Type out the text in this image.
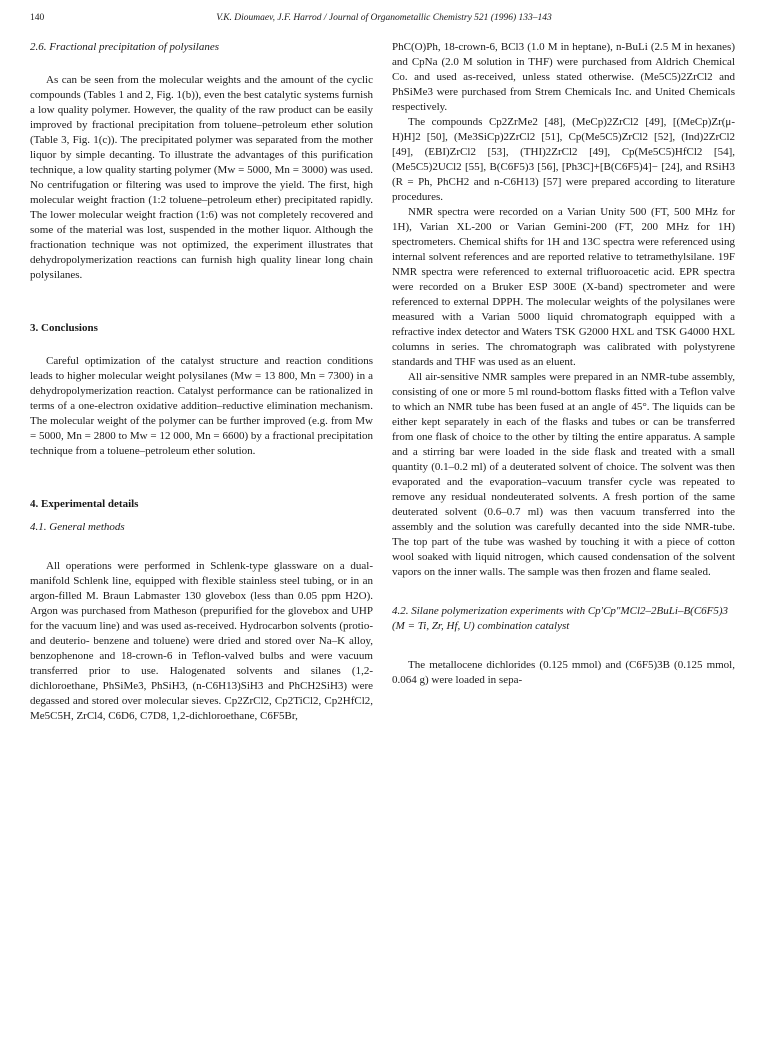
140	V.K. Dioumaev, J.F. Harrod / Journal of Organometallic Chemistry 521 (1996) 133–143
2.6. Fractional precipitation of polysilanes

As can be seen from the molecular weights and the amount of the cyclic compounds (Tables 1 and 2, Fig. 1(b)), even the best catalytic systems furnish a low quality polymer. However, the quality of the raw product can be easily improved by fractional precipitation from toluene–petroleum ether solution (Table 3, Fig. 1(c)). The precipitated polymer was separated from the mother liquor by simple decanting. To illustrate the advantages of this purification technique, a low quality starting polymer (Mw = 5000, Mn = 3000) was used. No centrifugation or filtering was used to improve the yield. The first, high molecular weight fraction (1:2 toluene–petroleum ether) precipitated rapidly. The lower molecular weight fraction (1:6) was not completely recovered and some of the material was lost, suspended in the mother liquor. Although the fractionation technique was not optimized, the experiment illustrates that dehydropolymerization reactions can furnish high quality linear long chain polysilanes.

3. Conclusions

Careful optimization of the catalyst structure and reaction conditions leads to higher molecular weight polysilanes (Mw = 13 800, Mn = 7300) in a dehydropolymerization reaction. Catalyst performance can be rationalized in terms of a one-electron oxidative addition–reductive elimination mechanism. The molecular weight of the polymer can be further improved (e.g. from Mw = 5000, Mn = 2800 to Mw = 12 000, Mn = 6600) by a fractional precipitation technique from a toluene–petroleum ether solution.

4. Experimental details
4.1. General methods

All operations were performed in Schlenk-type glassware on a dual-manifold Schlenk line, equipped with flexible stainless steel tubing, or in an argon-filled M. Braun Labmaster 130 glovebox (less than 0.05 ppm H2O). Argon was purchased from Matheson (prepurified for the glovebox and UHP for the vacuum line) and was used as-received. Hydrocarbon solvents (protio- and deuterio- benzene and toluene) were dried and stored over Na–K alloy, benzophenone and 18-crown-6 in Teflon-valved bulbs and were vacuum transferred prior to use. Halogenated solvents and silanes (1,2-dichloroethane, PhSiMe3, PhSiH3, (n-C6H13)SiH3 and PhCH2SiH3) were degassed and stored over molecular sieves. Cp2ZrCl2, Cp2TiCl2, Cp2HfCl2, Me5C5H, ZrCl4, C6D6, C7D8, 1,2-dichloroethane, C6F5Br,

PhC(O)Ph, 18-crown-6, BCl3 (1.0 M in heptane), n-BuLi (2.5 M in hexanes) and CpNa (2.0 M solution in THF) were purchased from Aldrich Chemical Co. and used as-received, unless stated otherwise. (Me5C5)2ZrCl2 and PhSiMe3 were purchased from Strem Chemicals Inc. and United Chemicals respectively.

The compounds Cp2ZrMe2 [48], (MeCp)2ZrCl2 [49], [(MeCp)Zr(μ-H)H]2 [50], (Me3SiCp)2ZrCl2 [51], Cp(Me5C5)ZrCl2 [52], (Ind)2ZrCl2 [49], (EBI)ZrCl2 [53], (THI)2ZrCl2 [49], Cp(Me5C5)HfCl2 [54], (Me5C5)2UCl2 [55], B(C6F5)3 [56], [Ph3C]+[B(C6F5)4]− [24], and RSiH3 (R = Ph, PhCH2 and n-C6H13) [57] were prepared according to literature procedures.

NMR spectra were recorded on a Varian Unity 500 (FT, 500 MHz for 1H), Varian XL-200 or Varian Gemini-200 (FT, 200 MHz for 1H) spectrometers. Chemical shifts for 1H and 13C spectra were referenced using internal solvent references and are reported relative to tetramethylsilane. 19F NMR spectra were referenced to external trifluoroacetic acid. EPR spectra were recorded on a Bruker ESP 300E (X-band) spectrometer and were referenced to external DPPH. The molecular weights of the polysilanes were measured with a Varian 5000 liquid chromatograph equipped with a refractive index detector and Waters TSK G2000 HXL and TSK G4000 HXL columns in series. The chromatograph was calibrated with polystyrene standards and THF was used as an eluent.

All air-sensitive NMR samples were prepared in an NMR-tube assembly, consisting of one or more 5 ml round-bottom flasks fitted with a Teflon valve to which an NMR tube has been fused at an angle of 45°. The liquids can be either kept separately in each of the flasks and tubes or can be transferred from one flask of choice to the other by tilting the entire apparatus. A sample and a stirring bar were loaded in the side flask and treated with a small quantity (0.1–0.2 ml) of a deuterated solvent of choice. The solvent was then evaporated and the evaporation–vacuum transfer cycle was repeated to remove any residual nondeuterated solvents. A fresh portion of the same deuterated solvent (0.6–0.7 ml) was then vacuum transferred into the assembly and the solution was carefully decanted into the side NMR-tube. The top part of the tube was washed by touching it with a piece of cotton wool soaked with liquid nitrogen, which caused condensation of the solvent vapors on the inner walls. The sample was then frozen and flame sealed.

4.2. Silane polymerization experiments with Cp′Cp″MCl2–2BuLi–B(C6F5)3 (M = Ti, Zr, Hf, U) combination catalyst

The metallocene dichlorides (0.125 mmol) and (C6F5)3B (0.125 mmol, 0.064 g) were loaded in sepa-
